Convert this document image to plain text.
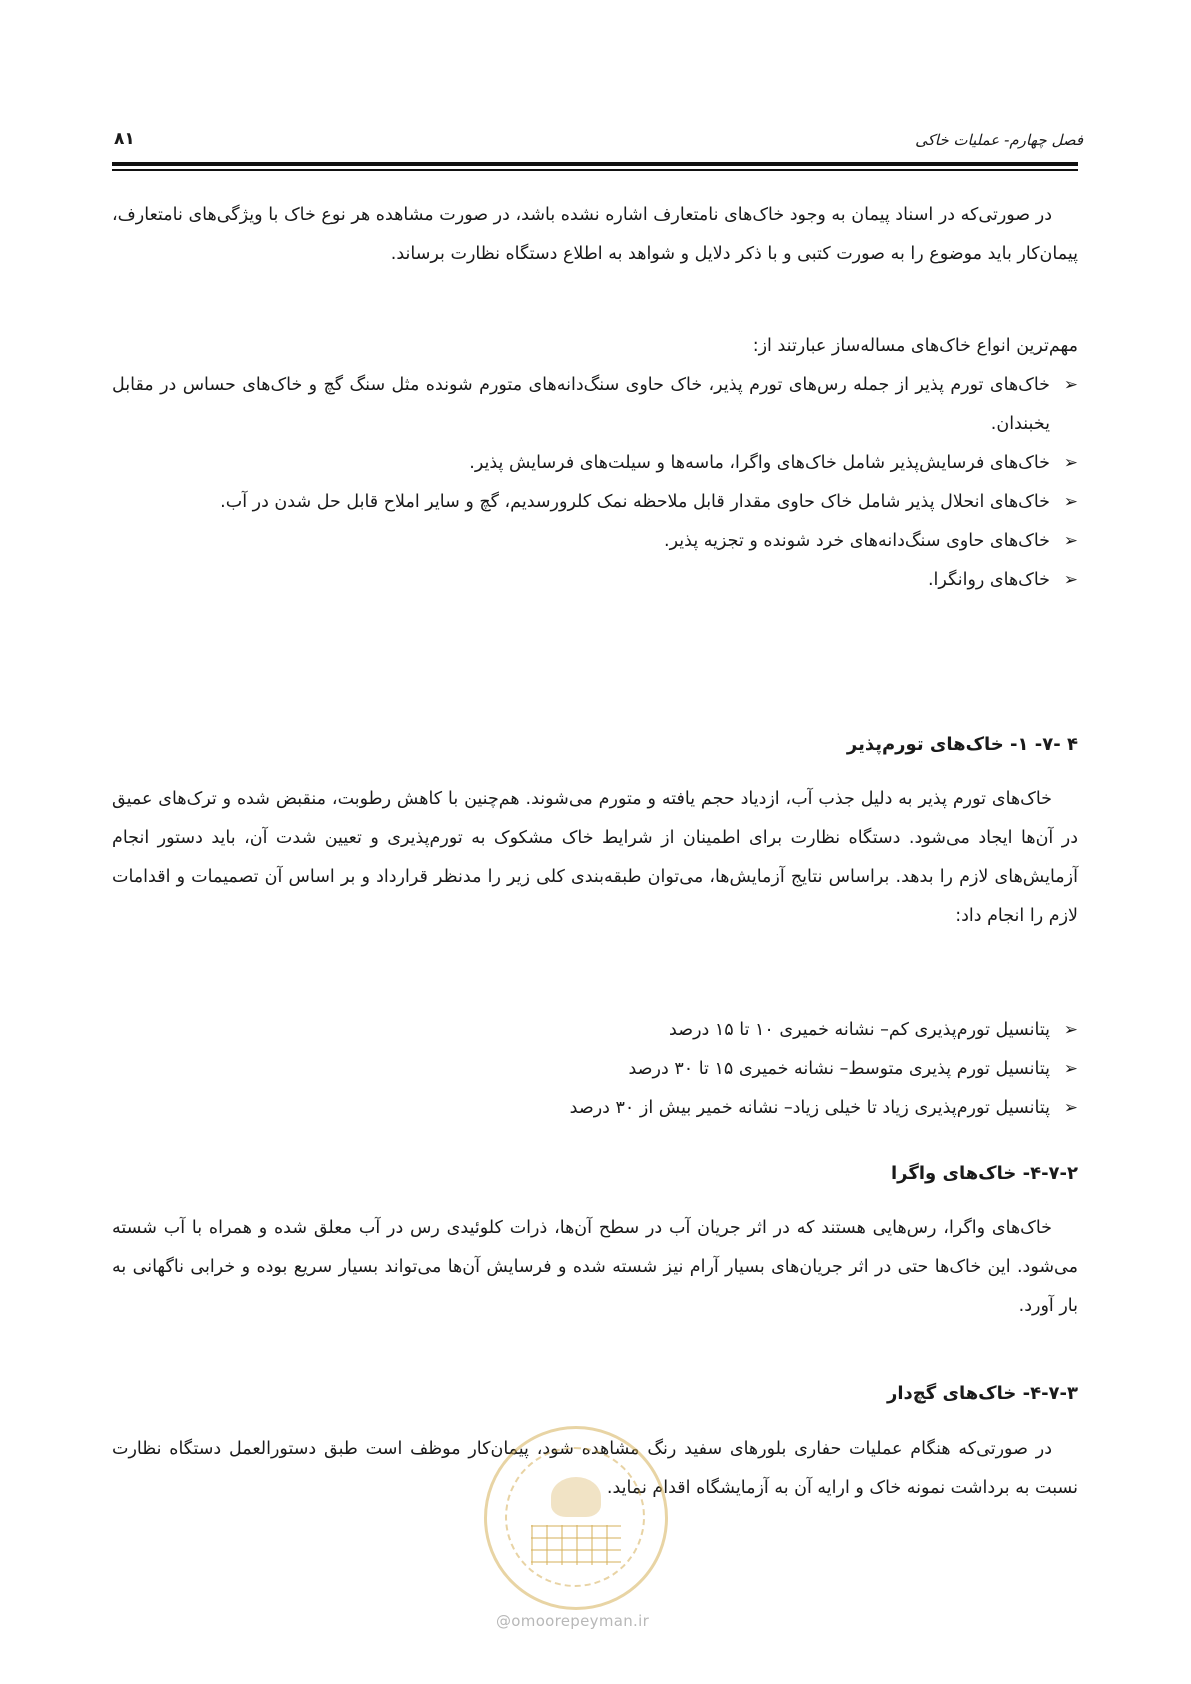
فصل چهارم- عملیات خاکی
۸۱

در صورتی‌که در اسناد پیمان به وجود خاک‌های نامتعارف اشاره نشده باشد، در صورت مشاهده هر نوع خاک با ویژگی‌های نامتعارف، پیمان‌کار باید موضوع را به صورت کتبی و با ذکر دلایل و شواهد به اطلاع دستگاه نظارت برساند.

مهم‌ترین انواع خاک‌های مساله‌ساز عبارتند از:
➢
خاک‌های تورم پذیر از جمله رس‌های تورم پذیر، خاک حاوی سنگ‌دانه‌های متورم شونده مثل سنگ گچ و خاک‌های حساس در مقابل یخبندان.
➢
خاک‌های فرسایش‌پذیر شامل خاک‌های واگرا، ماسه‌ها و سیلت‌های فرسایش پذیر.
➢
خاک‌های انحلال پذیر شامل خاک حاوی مقدار قابل ملاحظه نمک کلرورسدیم، گچ و سایر املاح قابل حل شدن در آب.
➢
خاک‌های حاوی سنگ‌دانه‌های خرد شونده و تجزیه پذیر.
➢
خاک‌های روانگرا.
۴ -۷- ۱- خاک‌های تورم‌پذیر

خاک‌های تورم پذیر به دلیل جذب آب، ازدیاد حجم یافته و متورم می‌شوند. هم‌چنین با کاهش رطوبت، منقبض شده و ترک‌های عمیق در آن‌ها ایجاد می‌شود. دستگاه نظارت برای اطمینان از شرایط خاک مشکوک به تورم‌پذیری و تعیین شدت آن، باید دستور انجام آزمایش‌های لازم را بدهد. براساس نتایج آزمایش‌ها، می‌توان طبقه‌بندی کلی زیر را مدنظر قرارداد و بر اساس آن تصمیمات و اقدامات لازم را انجام داد:

➢
پتانسیل تورم‌پذیری کم– نشانه خمیری ۱۰ تا ۱۵ درصد
➢
پتانسیل تورم پذیری متوسط– نشانه خمیری ۱۵ تا ۳۰ درصد
➢
پتانسیل تورم‌پذیری زیاد تا خیلی زیاد– نشانه خمیر بیش از ۳۰ درصد
۴-۷-۲- خاک‌های واگرا

خاک‌های واگرا، رس‌هایی هستند که در اثر جریان آب در سطح آن‌ها، ذرات کلوئیدی رس در آب معلق شده و همراه با آب شسته می‌شود. این خاک‌ها حتی در اثر جریان‌های بسیار آرام نیز شسته شده و فرسایش آن‌ها می‌تواند بسیار سریع بوده و خرابی ناگهانی به بار آورد.

۴-۷-۳- خاک‌های گچ‌دار

در صورتی‌که هنگام عملیات حفاری بلورهای سفید رنگ مشاهده شود، پیمان‌کار موظف است طبق دستورالعمل دستگاه نظارت نسبت به برداشت نمونه خاک و ارایه آن به آزمایشگاه اقدام نماید.

@omoorepeyman.ir
